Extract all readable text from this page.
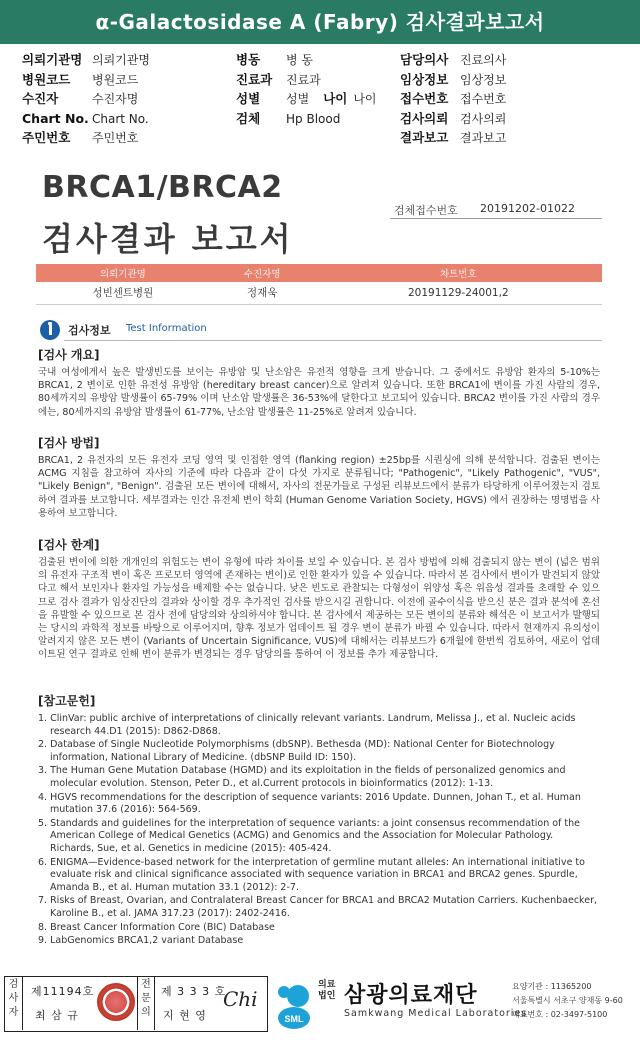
α-Galactosidase A (Fabry) 검사결과보고서
의뢰기관명 의뢰기관명
병원코드 병원코드
수진자	수진자명
Chart No. Chart No.
주민번호 주민번호
병동 병 동
진료과 진료과
성별 성별 나이 나이
검체 Hp Blood
담당의사 진료의사
임상정보 임상정보
접수번호 접수번호
검사의뢰 검사의뢰
결과보고 결과보고
BRCA1/BRCA2
검사결과 보고서
검체접수번호 20191202-01022
의뢰기관명	수진자명	차트번호
성빈센트병원	정재욱	20191129-24001,2
검사정보 Test Information
[검사 개요]

국내 여성에게서 높은 발생빈도를 보이는 유방암 및 난소암은 유전적 영향을 크게 받습니다. 그 중에서도 유방암 환자의 5-10%는 BRCA1, 2 변이로 인한 유전성 유방암 (hereditary breast cancer)으로 알려져 있습니다. 또한 BRCA1에 변이를 가진 사람의 경우, 80세까지의 유방암 발생률이 65-79% 이며 난소암 발생률은 36-53%에 달한다고 보고되어 있습니다. BRCA2 변이를 가진 사람의 경우에는, 80세까지의 유방암 발생률이 61-77%, 난소암 발생률은 11-25%로 알려져 있습니다.

[검사 방법]

BRCA1, 2 유전자의 모든 유전자 코딩 영역 및 인접한 영역 (flanking region) ±25bp를 시퀀싱에 의해 분석합니다. 검출된 변이는 ACMG 지침을 참고하여 자사의 기준에 따라 다음과 같이 다섯 가지로 분류됩니다; "Pathogenic", "Likely Pathogenic", "VUS", "Likely Benign", "Benign". 검출된 모든 변이에 대해서, 자사의 전문가들로 구성된 리뷰보드에서 분류가 타당하게 이루어졌는지 검토하여 결과를 보고합니다. 세부결과는 인간 유전체 변이 학회 (Human Genome Variation Society, HGVS) 에서 권장하는 명명법을 사용하여 보고합니다.

[검사 한계]

검출된 변이에 의한 개개인의 위험도는 변이 유형에 따라 차이를 보일 수 있습니다. 본 검사 방법에 의해 검출되지 않는 변이 (넓은 범위의 유전자 구조적 변이 혹은 프로모터 영역에 존재하는 변이)로 인한 환자가 있을 수 있습니다. 따라서 본 검사에서 변이가 발견되지 않았다고 해서 보인자나 환자일 가능성을 배제할 수는 없습니다. 낮은 빈도로 관찰되는 다형성이 위양성 혹은 위음성 결과를 초래할 수 있으므로 검사 결과가 임상진단의 결과와 상이할 경우 추가적인 검사를 받으시길 권합니다. 이전에 골수이식을 받으신 분은 결과 분석에 혼선을 유발할 수 있으므로 본 검사 전에 담당의와 상의하셔야 합니다. 본 검사에서 제공하는 모든 변이의 분류와 해석은 이 보고서가 발행되는 당시의 과학적 정보를 바탕으로 이루어지며, 향후 정보가 업데이트 될 경우 변이 분류가 바뀔 수 있습니다. 따라서 현재까지 유의성이 알려지지 않은 모든 변이 (Variants of Uncertain Significance, VUS)에 대해서는 리뷰보드가 6개월에 한번씩 검토하여, 새로이 업데이트된 연구 결과로 인해 변이 분류가 변경되는 경우 담당의를 통하여 이 정보를 추가 제공합니다.

[참고문헌]
1. ClinVar: public archive of interpretations of clinically relevant variants. Landrum, Melissa J., et al. Nucleic acids research 44.D1 (2015): D862-D868.
2. Database of Single Nucleotide Polymorphisms (dbSNP). Bethesda (MD): National Center for Biotechnology information, National Library of Medicine. (dbSNP Build ID: 150).
3. The Human Gene Mutation Database (HGMD) and its exploitation in the fields of personalized genomics and molecular evolution. Stenson, Peter D., et al.Current protocols in bioinformatics (2012): 1-13.
4. HGVS recommendations for the description of sequence variants: 2016 Update. Dunnen, Johan T., et al. Human mutation 37.6 (2016): 564-569.
5. Standards and guidelines for the interpretation of sequence variants: a joint consensus recommendation of the American College of Medical Genetics (ACMG) and Genomics and the Association for Molecular Pathology. Richards, Sue, et al. Genetics in medicine (2015): 405-424.
6. ENIGMA—Evidence-based network for the interpretation of germline mutant alleles: An international initiative to evaluate risk and clinical significance associated with sequence variation in BRCA1 and BRCA2 genes. Spurdle, Amanda B., et al. Human mutation 33.1 (2012): 2-7.
7. Risks of Breast, Ovarian, and Contralateral Breast Cancer for BRCA1 and BRCA2 Mutation Carriers. Kuchenbaecker, Karoline B., et al. JAMA 317.23 (2017): 2402-2416.
8. Breast Cancer Information Core (BIC) Database
9. LabGenomics BRCA1,2 variant Database
검사자
제11194호
최 삼 규
전문의
제 3 3 3 호
지 현 영
Chi
SML
의료
법인 삼광의료재단
Samkwang Medical Laboratories
요양기관 : 11365200
서울특별시 서초구 양재동 9-60
대표번호 : 02-3497-5100
